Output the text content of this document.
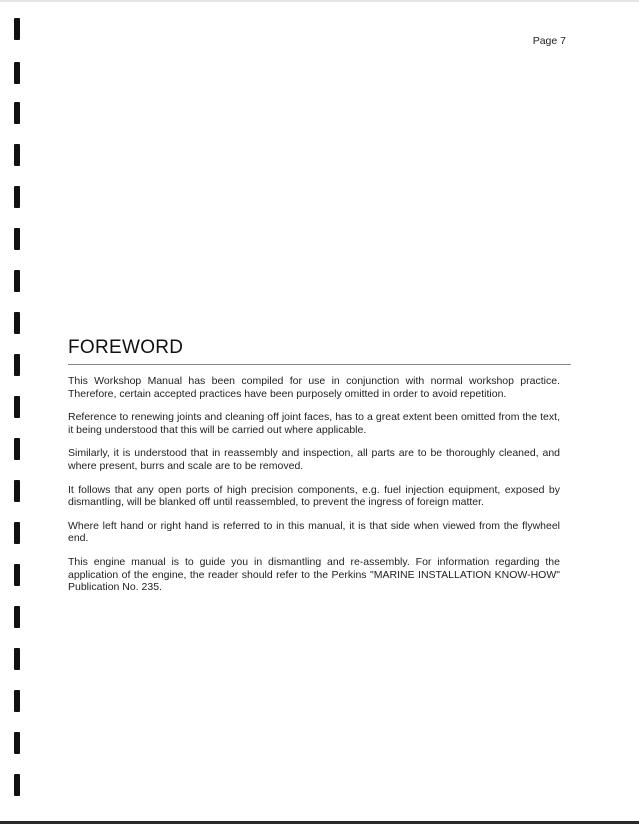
Page 7
FOREWORD

This Workshop Manual has been compiled for use in conjunction with normal workshop practice. Therefore, certain accepted practices have been purposely omitted in order to avoid repetition.

Reference to renewing joints and cleaning off joint faces, has to a great extent been omitted from the text, it being understood that this will be carried out where applicable.

Similarly, it is understood that in reassembly and inspection, all parts are to be thoroughly cleaned, and where present, burrs and scale are to be removed.

It follows that any open ports of high precision components, e.g. fuel injection equipment, exposed by dismantling, will be blanked off until reassembled, to prevent the ingress of foreign matter.

Where left hand or right hand is referred to in this manual, it is that side when viewed from the flywheel end.

This engine manual is to guide you in dismantling and re-assembly. For information regarding the application of the engine, the reader should refer to the Perkins "MARINE INSTALLATION KNOW-HOW" Publication No. 235.
